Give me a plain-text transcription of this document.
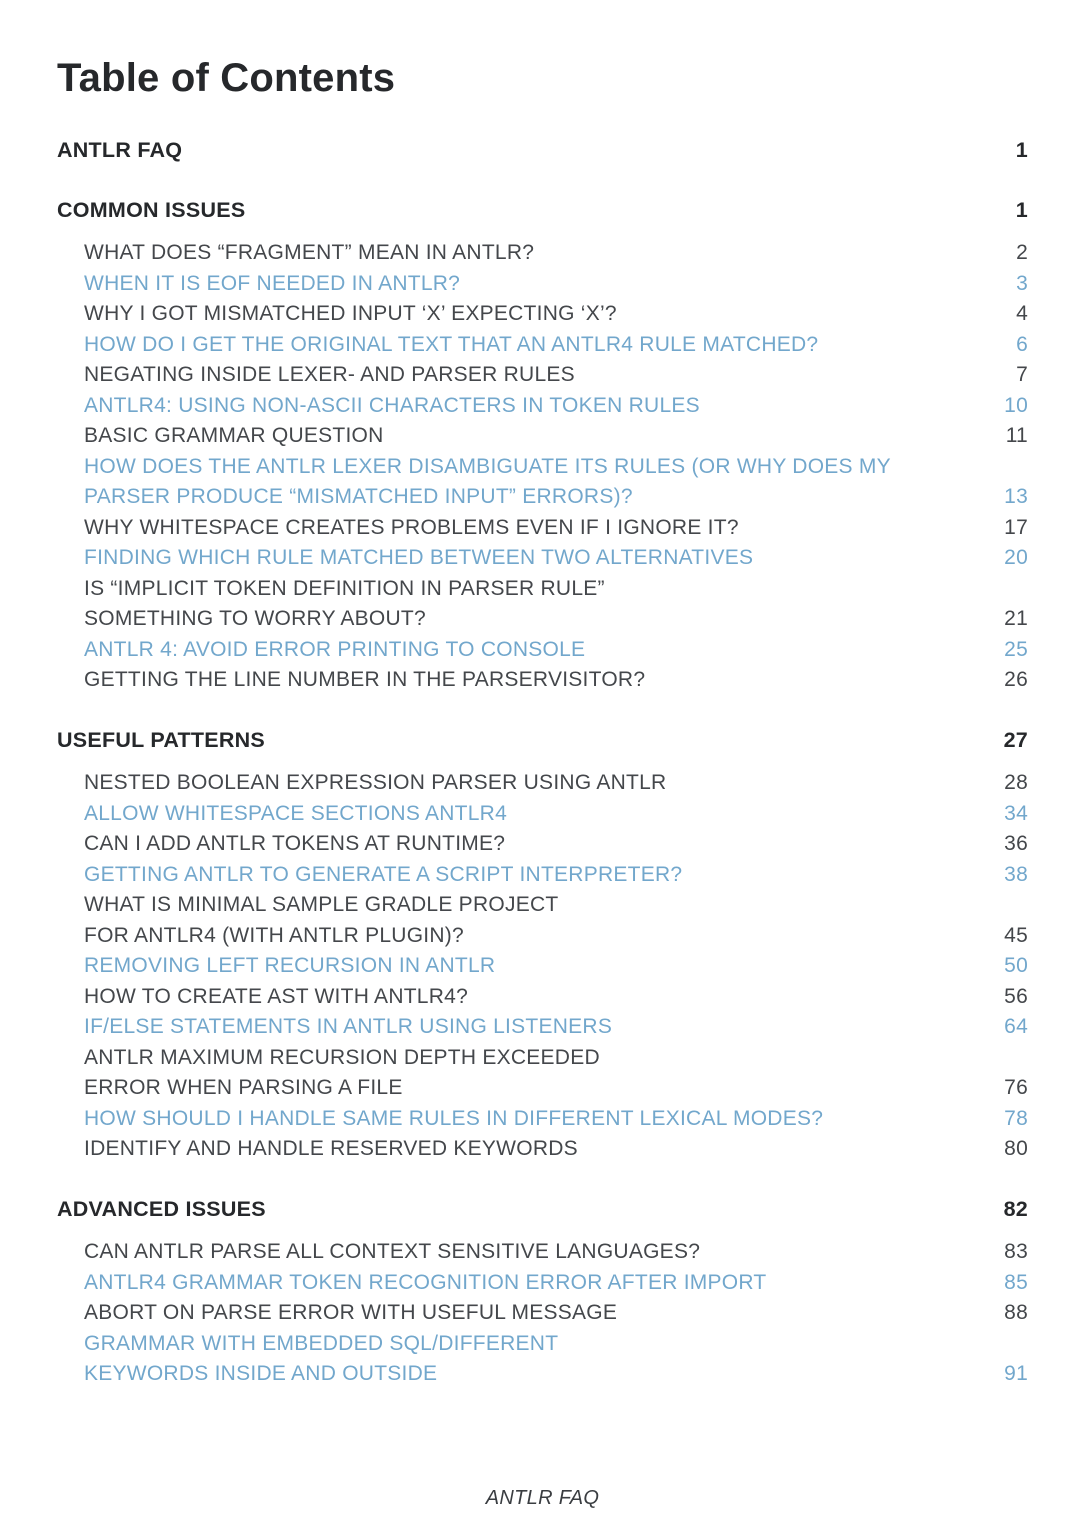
Table of Contents
ANTLR FAQ	1
COMMON ISSUES	1
WHAT DOES “FRAGMENT” MEAN IN ANTLR?	2
WHEN IT IS EOF NEEDED IN ANTLR?	3
WHY I GOT MISMATCHED INPUT ‘X’ EXPECTING ‘X’?	4
HOW DO I GET THE ORIGINAL TEXT THAT AN ANTLR4 RULE MATCHED?	6
NEGATING INSIDE LEXER- AND PARSER RULES	7
ANTLR4: USING NON-ASCII CHARACTERS IN TOKEN RULES	10
BASIC GRAMMAR QUESTION	11
HOW DOES THE ANTLR LEXER DISAMBIGUATE ITS RULES (OR WHY DOES MY
PARSER PRODUCE “MISMATCHED INPUT” ERRORS)?	13
WHY WHITESPACE CREATES PROBLEMS EVEN IF I IGNORE IT?	17
FINDING WHICH RULE MATCHED BETWEEN TWO ALTERNATIVES	20
IS “IMPLICIT TOKEN DEFINITION IN PARSER RULE”
SOMETHING TO WORRY ABOUT?	21
ANTLR 4: AVOID ERROR PRINTING TO CONSOLE	25
GETTING THE LINE NUMBER IN THE PARSERVISITOR?	26
USEFUL PATTERNS	27
NESTED BOOLEAN EXPRESSION PARSER USING ANTLR	28
ALLOW WHITESPACE SECTIONS ANTLR4	34
CAN I ADD ANTLR TOKENS AT RUNTIME?	36
GETTING ANTLR TO GENERATE A SCRIPT INTERPRETER?	38
WHAT IS MINIMAL SAMPLE GRADLE PROJECT
FOR ANTLR4 (WITH ANTLR PLUGIN)?	45
REMOVING LEFT RECURSION IN ANTLR	50
HOW TO CREATE AST WITH ANTLR4?	56
IF/ELSE STATEMENTS IN ANTLR USING LISTENERS	64
ANTLR MAXIMUM RECURSION DEPTH EXCEEDED
ERROR WHEN PARSING A FILE	76
HOW SHOULD I HANDLE SAME RULES IN DIFFERENT LEXICAL MODES?	78
IDENTIFY AND HANDLE RESERVED KEYWORDS	80
ADVANCED ISSUES	82
CAN ANTLR PARSE ALL CONTEXT SENSITIVE LANGUAGES?	83
ANTLR4 GRAMMAR TOKEN RECOGNITION ERROR AFTER IMPORT	85
ABORT ON PARSE ERROR WITH USEFUL MESSAGE	88
GRAMMAR WITH EMBEDDED SQL/DIFFERENT
KEYWORDS INSIDE AND OUTSIDE	91
ANTLR FAQ
